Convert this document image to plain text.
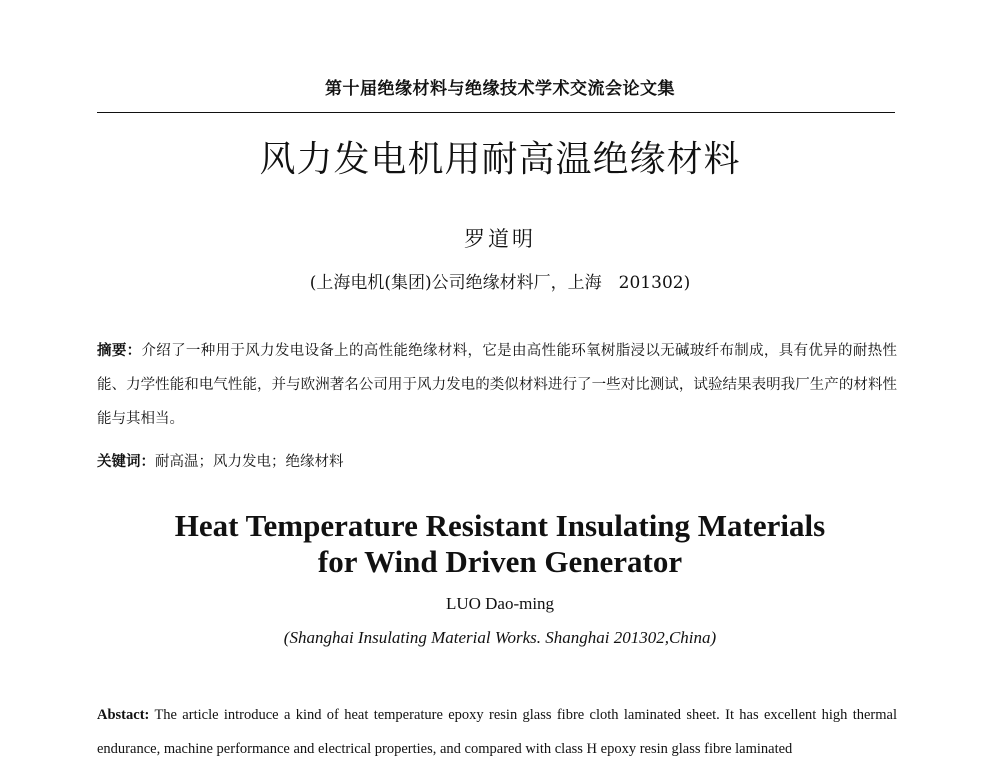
第十届绝缘材料与绝缘技术学术交流会论文集
风力发电机用耐高温绝缘材料
罗道明
(上海电机(集团)公司绝缘材料厂，上海　201302)
摘要：介绍了一种用于风力发电设备上的高性能绝缘材料，它是由高性能环氧树脂浸以无碱玻纤布制成，具有优异的耐热性能、力学性能和电气性能，并与欧洲著名公司用于风力发电的类似材料进行了一些对比测试，试验结果表明我厂生产的材料性能与其相当。
关键词：耐高温；风力发电；绝缘材料
Heat Temperature Resistant Insulating Materials
for Wind Driven Generator
LUO Dao-ming
(Shanghai Insulating Material Works. Shanghai 201302,China)
Abstact: The article introduce a kind of heat temperature epoxy resin glass fibre cloth laminated sheet. It has excellent high thermal endurance, machine performance and electrical properties, and compared with class H epoxy resin glass fibre laminated
